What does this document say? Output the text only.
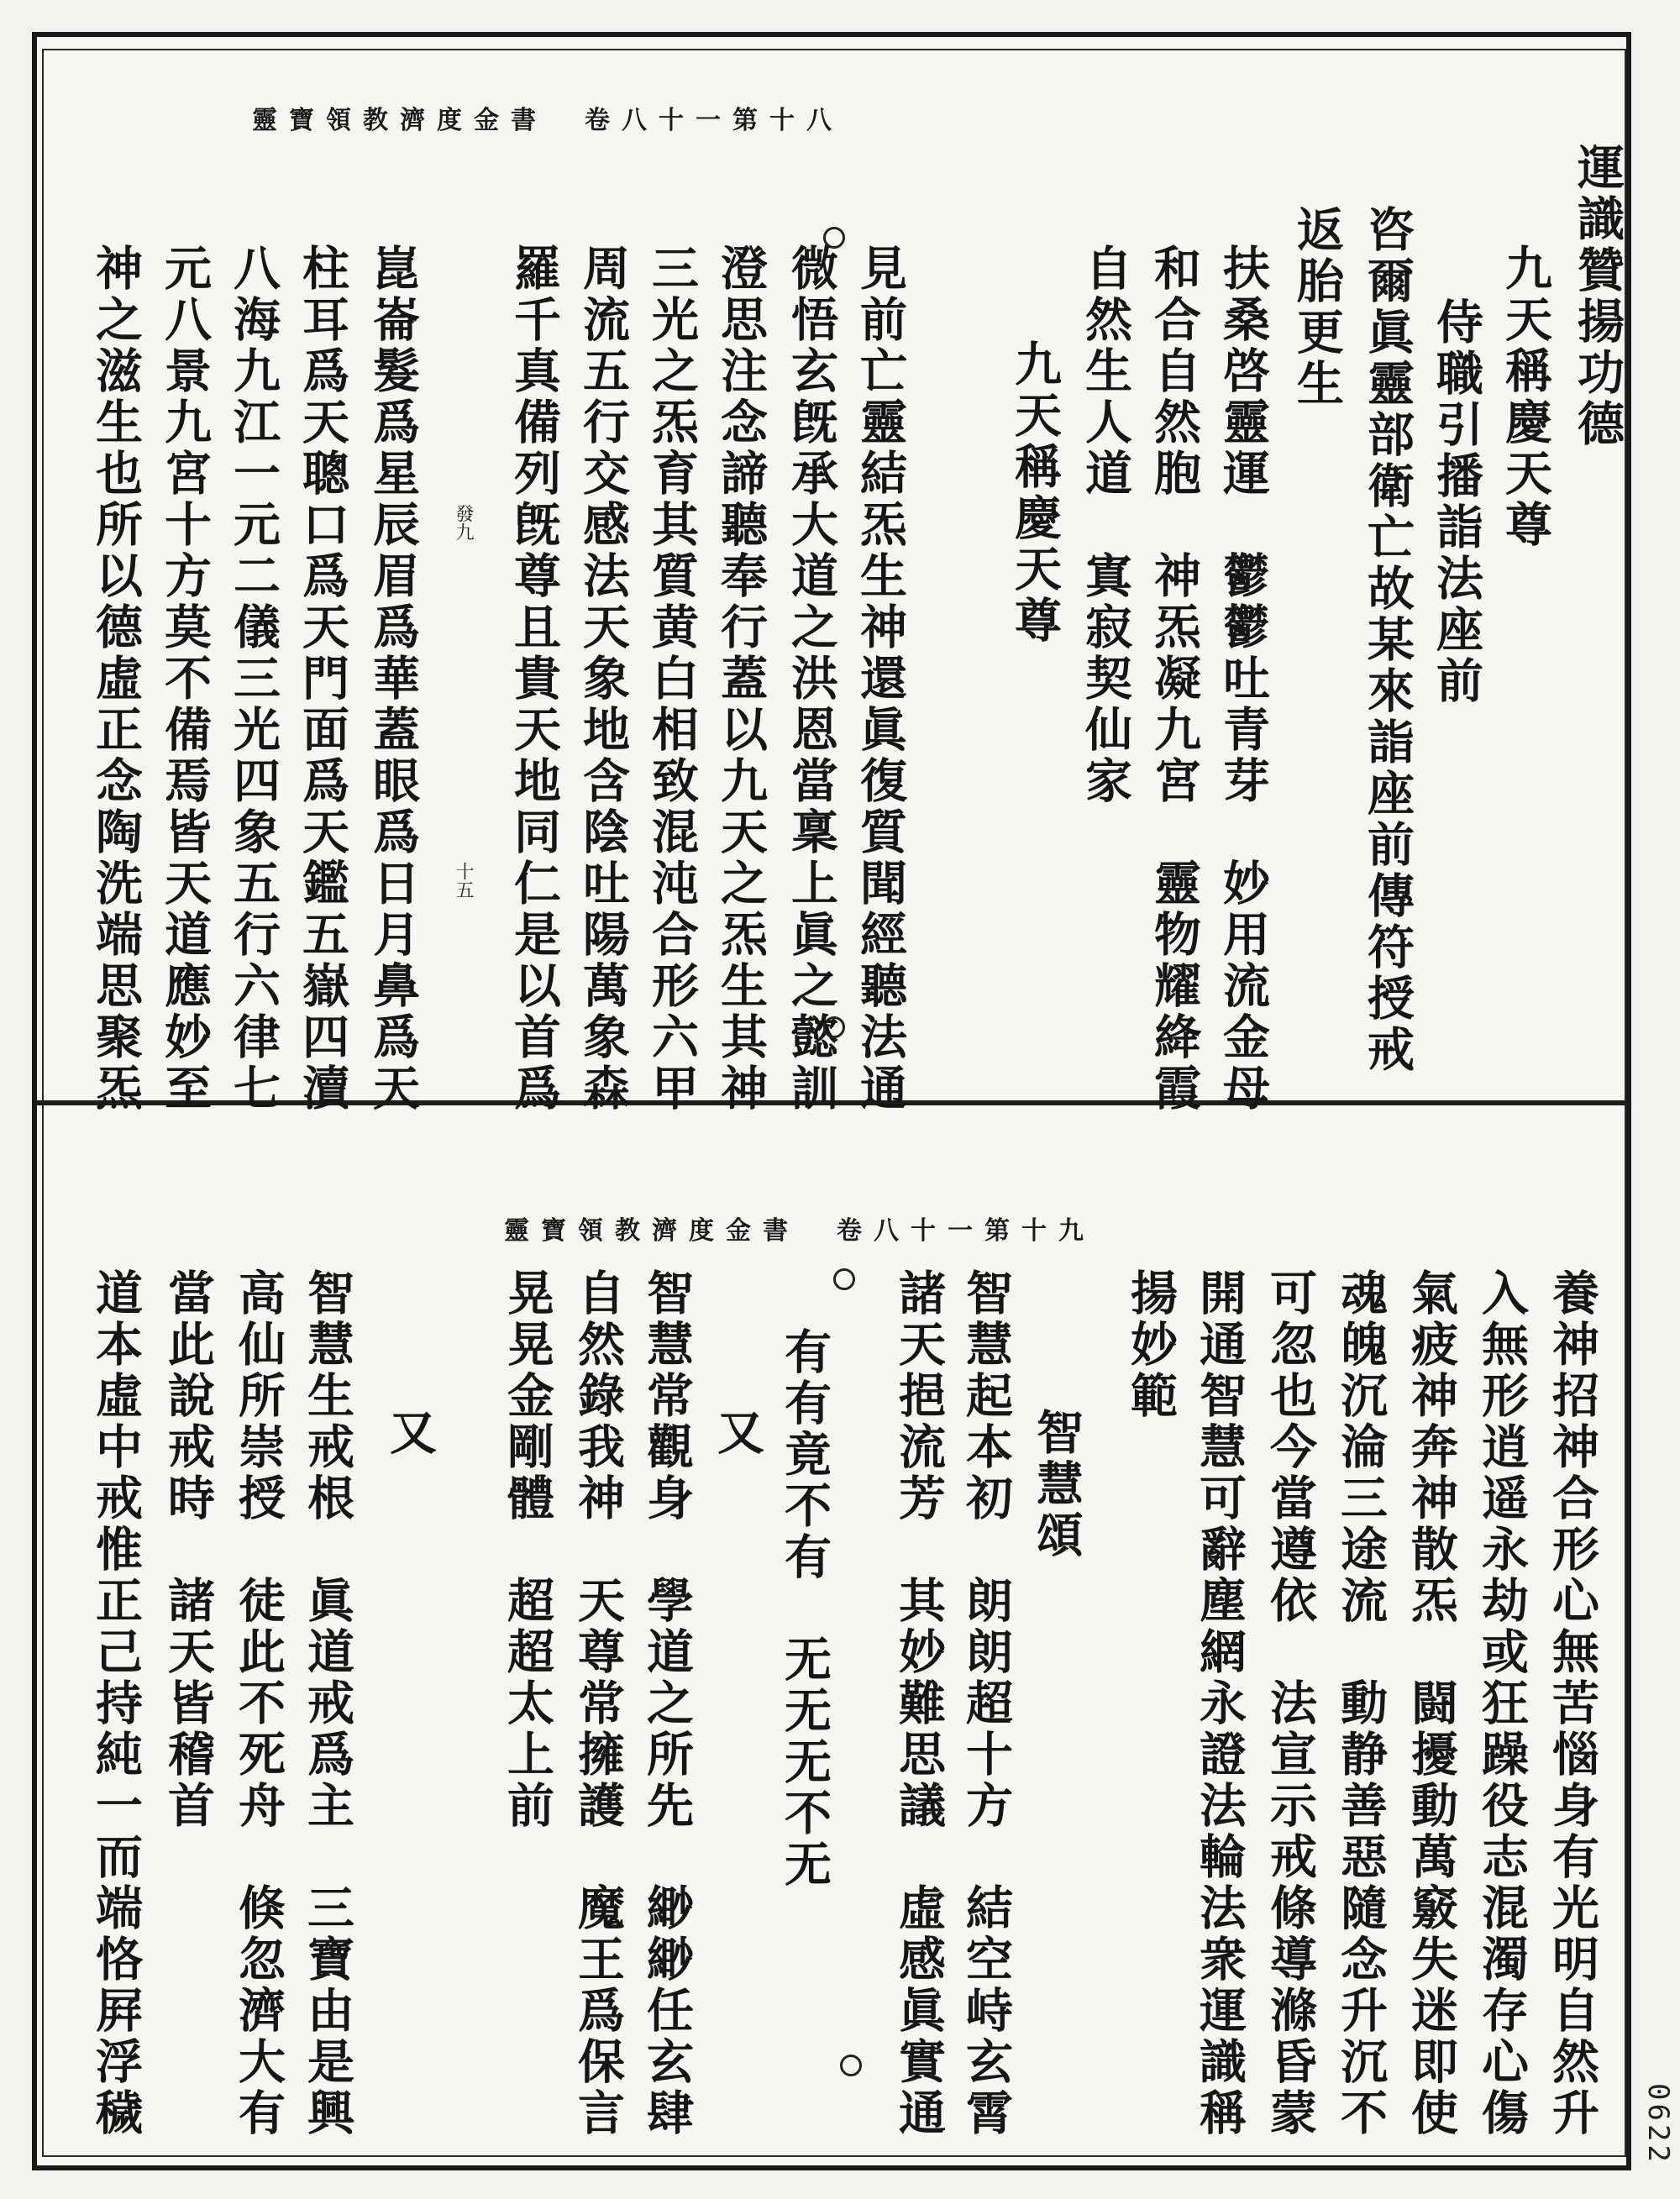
靈寶領教濟度金書　卷八十一第十八
運識贊揚功德
九天稱慶天尊
侍職引播詣法座前
咨爾眞靈部衛亡故某來詣座前傳符授戒
返胎更生
扶桑啓靈運　鬱鬱吐青芽　妙用流金母
和合自然胞　神炁凝九宮　靈物耀絳霞
自然生人道　寘寂契仙家
九天稱慶天尊
見前亡靈結炁生神還眞復質聞經聽法通
微悟玄旣承大道之洪恩當稟上眞之懿訓
澄思注念諦聽奉行蓋以九天之炁生其神
三光之炁育其質黄白相致混沌合形六甲
周流五行交感法天象地含陰吐陽萬象森
羅千真備列旣尊且貴天地同仁是以首爲
崑崙髮爲星辰眉爲華蓋眼爲日月鼻爲天
柱耳爲天聰口爲天門面爲天鑑五嶽四瀆
八海九江一元二儀三光四象五行六律七
元八景九宮十方莫不備焉皆天道應妙至
神之滋生也所以德虛正念陶洗端思聚炁	發九
十五
靈寶領教濟度金書　卷八十一第十九
養神招神合形心無苦惱身有光明自然升
入無形逍遥永劫或狂躁役志混濁存心傷
氣疲神奔神散炁　闘擾動萬竅失迷即使
魂魄沉淪三途流　動静善惡隨念升沉不
可忽也今當遵依　法宣示戒條導滌昏蒙
開通智慧可辭塵網永證法輪法衆運識稱
揚妙範
智慧頌
智慧起本初　朗朗超十方　結空峙玄霄
諸天挹流芳　其妙難思議　虛感眞實通
有有竟不有　无无无不无
又
智慧常觀身　學道之所先　緲緲任玄肆
自然錄我神　天尊常擁護　魔王爲保言
晃晃金剛體　超超太上前
又
智慧生戒根　眞道戒爲主　三寶由是興
高仙所崇授　徒此不死舟　倏忽濟大有
當此說戒時　諸天皆稽首
道本虛中戒惟正己持純一而端恪屛浮穢	0622
